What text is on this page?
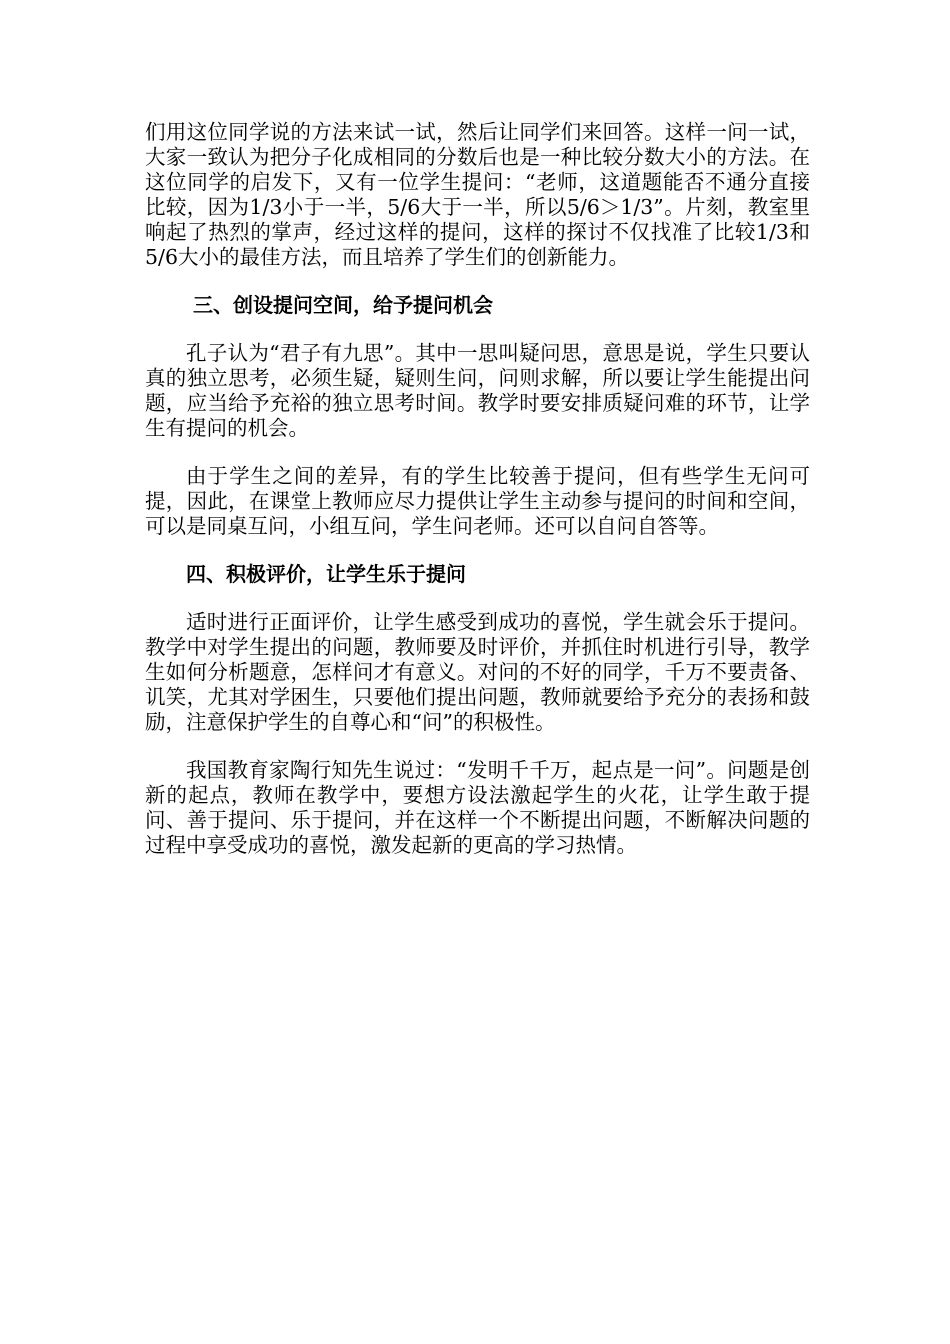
们用这位同学说的方法来试一试，然后让同学们来回答。这样一问一试，大家一致认为把分子化成相同的分数后也是一种比较分数大小的方法。在这位同学的启发下，又有一位学生提问：“老师，这道题能否不通分直接比较，因为1/3小于一半，5/6大于一半，所以5/6＞1/3”。片刻，教室里响起了热烈的掌声，经过这样的提问，这样的探讨不仅找准了比较1/3和5/6大小的最佳方法，而且培养了学生们的创新能力。

三、创设提问空间，给予提问机会

孔子认为“君子有九思”。其中一思叫疑问思，意思是说，学生只要认真的独立思考，必须生疑，疑则生问，问则求解，所以要让学生能提出问题，应当给予充裕的独立思考时间。教学时要安排质疑问难的环节，让学生有提问的机会。

由于学生之间的差异，有的学生比较善于提问，但有些学生无问可提，因此，在课堂上教师应尽力提供让学生主动参与提问的时间和空间，可以是同桌互问，小组互问，学生问老师。还可以自问自答等。

四、积极评价，让学生乐于提问

适时进行正面评价，让学生感受到成功的喜悦，学生就会乐于提问。教学中对学生提出的问题，教师要及时评价，并抓住时机进行引导，教学生如何分析题意，怎样问才有意义。对问的不好的同学，千万不要责备、讥笑，尤其对学困生，只要他们提出问题，教师就要给予充分的表扬和鼓励，注意保护学生的自尊心和“问”的积极性。

我国教育家陶行知先生说过：“发明千千万，起点是一问”。问题是创新的起点，教师在教学中，要想方设法激起学生的火花，让学生敢于提问、善于提问、乐于提问，并在这样一个不断提出问题，不断解决问题的过程中享受成功的喜悦，激发起新的更高的学习热情。
